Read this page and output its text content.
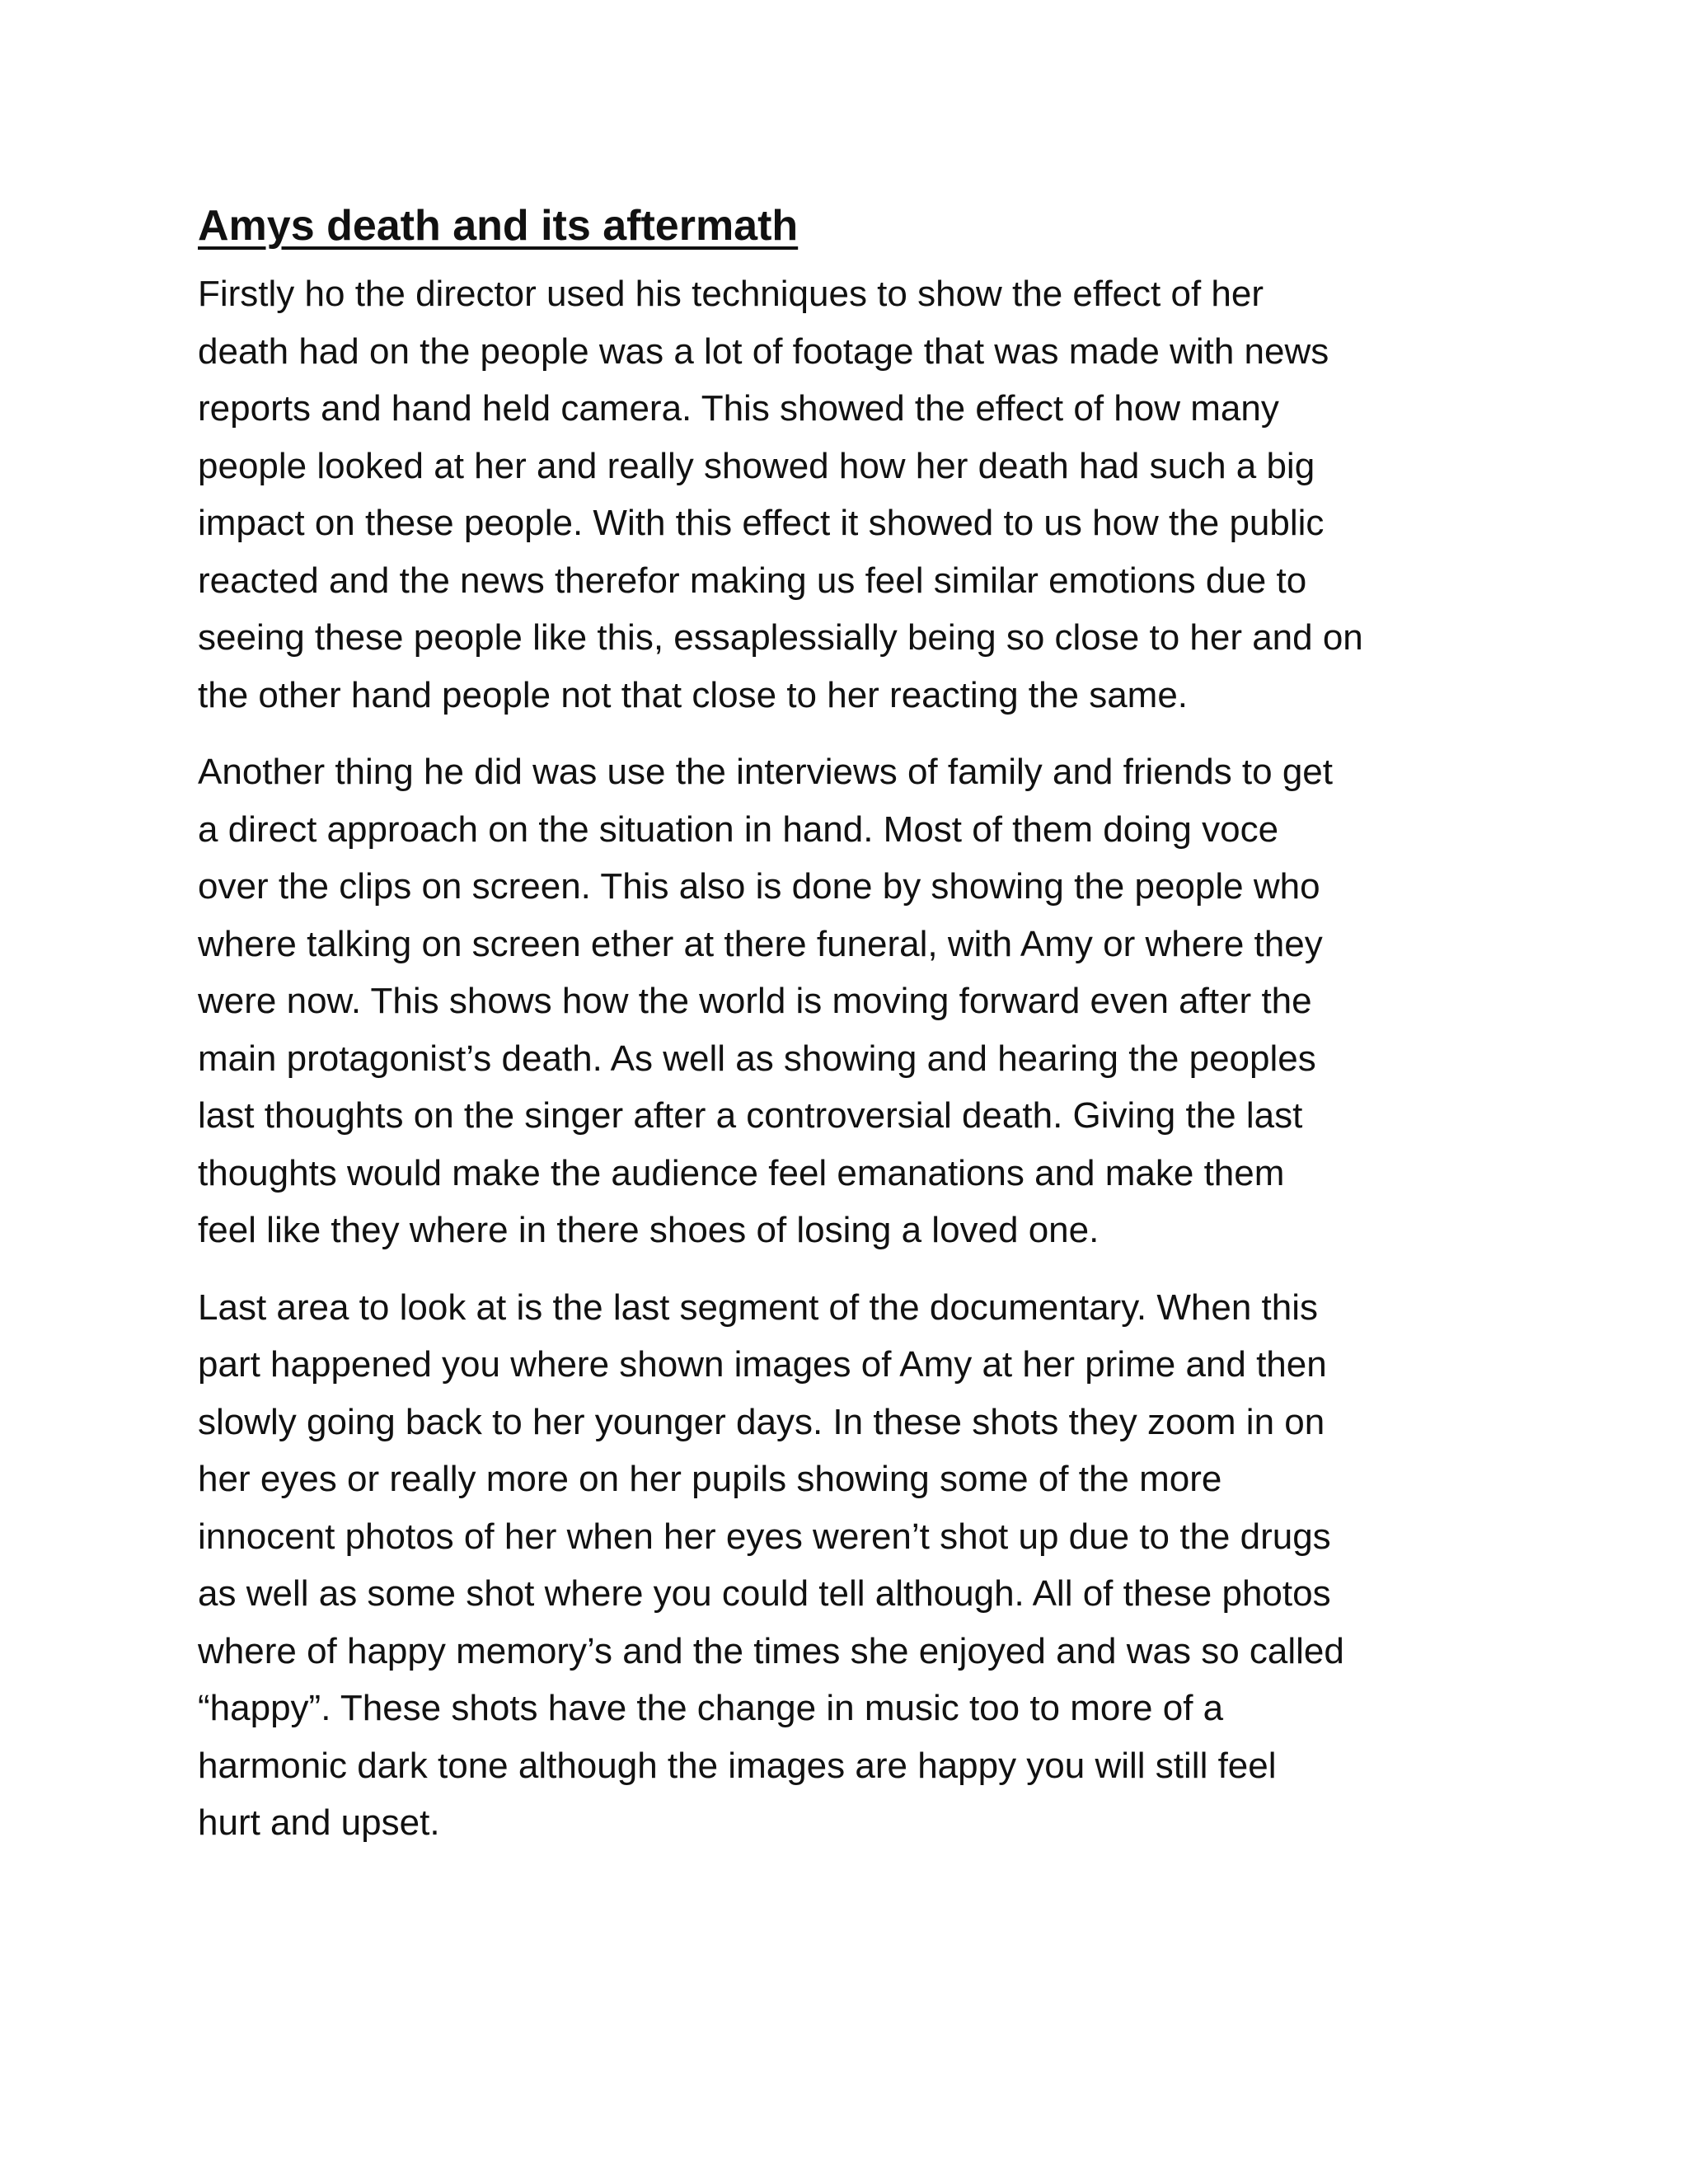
Amys death and its aftermath
Firstly ho the director used his techniques to show the effect of her
death had on the people was a lot of footage that was made with news
reports and hand held camera. This showed the effect of how many
people looked at her and really showed how her death had such a big
impact on these people. With this effect it showed to us how the public
reacted and the news therefor making us feel similar emotions due to
seeing these people like this, essaplessially being so close to her and on
the other hand people not that close to her reacting the same.
Another thing he did was use the interviews of family and friends to get
a direct approach on the situation in hand. Most of them doing voce
over the clips on screen. This also is done by showing the people who
where talking on screen ether at there funeral, with Amy or where they
were now. This shows how the world is moving forward even after the
main protagonist’s death. As well as showing and hearing the peoples
last thoughts on the singer after a controversial death. Giving the last
thoughts would make the audience feel emanations and make them
feel like they where in there shoes of losing a loved one.
Last area to look at is the last segment of the documentary. When this
part happened you where shown images of Amy at her prime and then
slowly going back to her younger days. In these shots they zoom in on
her eyes or really more on her pupils showing some of the more
innocent photos of her when her eyes weren’t shot up due to the drugs
as well as some shot where you could tell although. All of these photos
where of happy memory’s and the times she enjoyed and was so called
“happy”. These shots have the change in music too to more of a
harmonic dark tone although the images are happy you will still feel
hurt and upset.
